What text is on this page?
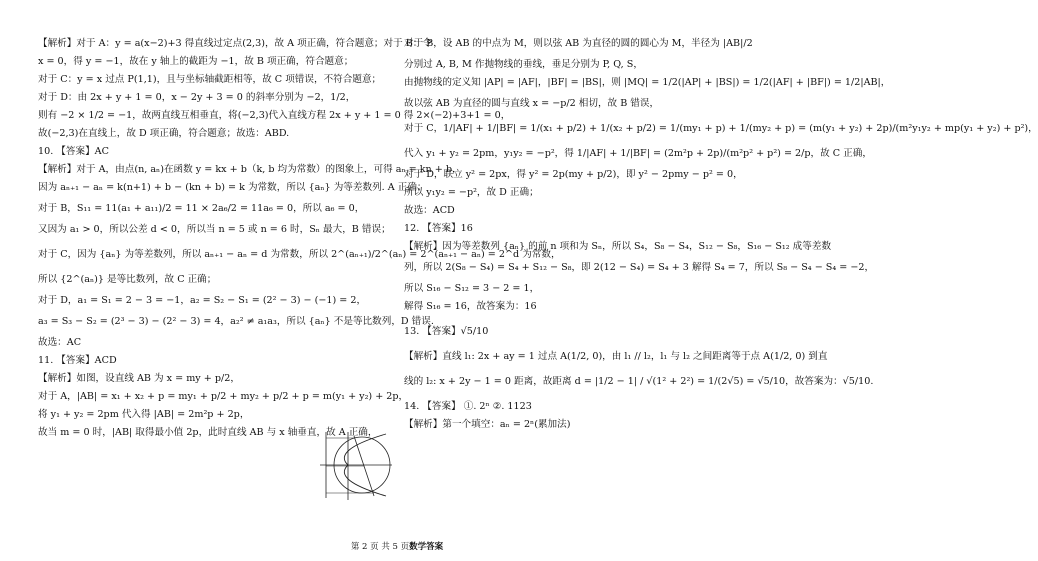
【解析】对于 A：y = a(x−2)+3 得直线过定点(2,3)，故 A 项正确，符合题意；对于 B：令

x = 0，得 y = −1，故在 y 轴上的截距为 −1，故 B 项正确，符合题意；

对于 C：y = x 过点 P(1,1)，且与坐标轴截距相等，故 C 项错误，不符合题意；

对于 D：由 2x + y + 1 = 0，x − 2y + 3 = 0 的斜率分别为 −2，1/2，

则有 −2 × 1/2 = −1，故两直线互相垂直，将(−2,3)代入直线方程 2x + y + 1 = 0 得 2×(−2)+3+1 = 0，

故(−2,3)在直线上，故 D 项正确，符合题意；故选：ABD.

10. 【答案】AC

【解析】对于 A，由点(n, aₙ)在函数 y = kx + b（k, b 均为常数）的图象上，可得 aₙ = kn + b，

因为 aₙ₊₁ − aₙ = k(n+1) + b − (kn + b) = k 为常数，所以 {aₙ} 为等差数列. A 正确；

对于 B，S₁₁ = 11(a₁ + a₁₁)/2 = 11 × 2a₆/2 = 11a₆ = 0，所以 a₆ = 0，

又因为 a₁ > 0，所以公差 d < 0，所以当 n = 5 或 n = 6 时，Sₙ 最大，B 错误；

对于 C，因为 {aₙ} 为等差数列，所以 aₙ₊₁ − aₙ = d 为常数，所以 2^(aₙ₊₁)/2^(aₙ) = 2^(aₙ₊₁ − aₙ) = 2^d 为常数，

所以 {2^(aₙ)} 是等比数列，故 C 正确；

对于 D，a₁ = S₁ = 2 − 3 = −1，a₂ = S₂ − S₁ = (2² − 3) − (−1) = 2，

a₃ = S₃ − S₂ = (2³ − 3) − (2² − 3) = 4，a₂² ≠ a₁a₃，所以 {aₙ} 不是等比数列，D 错误.

故选：AC

11. 【答案】ACD

【解析】如图，设直线 AB 为 x = my + p/2，

对于 A，|AB| = x₁ + x₂ + p = my₁ + p/2 + my₂ + p/2 + p = m(y₁ + y₂) + 2p，

将 y₁ + y₂ = 2pm 代入得 |AB| = 2m²p + 2p，

故当 m = 0 时，|AB| 取得最小值 2p，此时直线 AB 与 x 轴垂直，故 A 正确，

对于 B，设 AB 的中点为 M，则以弦 AB 为直径的圆的圆心为 M，半径为 |AB|/2

分别过 A, B, M 作抛物线的垂线，垂足分别为 P, Q, S，

由抛物线的定义知 |AP| = |AF|，|BF| = |BS|，则 |MQ| = 1/2(|AP| + |BS|) = 1/2(|AF| + |BF|) = 1/2|AB|，

故以弦 AB 为直径的圆与直线 x = −p/2 相切，故 B 错误，

对于 C，1/|AF| + 1/|BF| = 1/(x₁ + p/2) + 1/(x₂ + p/2) = 1/(my₁ + p) + 1/(my₂ + p) = (m(y₁ + y₂) + 2p)/(m²y₁y₂ + mp(y₁ + y₂) + p²)，

代入 y₁ + y₂ = 2pm，y₁y₂ = −p²，得 1/|AF| + 1/|BF| = (2m²p + 2p)/(m²p² + p²) = 2/p，故 C 正确，

对于 D，联立 y² = 2px，得 y² = 2p(my + p/2)，即 y² − 2pmy − p² = 0，

所以 y₁y₂ = −p²，故 D 正确；

故选：ACD

12. 【答案】16

【解析】因为等差数列 {aₙ} 的前 n 项和为 Sₙ，所以 S₄，S₈ − S₄，S₁₂ − S₈，S₁₆ − S₁₂ 成等差数

列，所以 2(S₈ − S₄) = S₄ + S₁₂ − S₈，即 2(12 − S₄) = S₄ + 3 解得 S₄ = 7，所以 S₈ − S₄ − S₄ = −2，

所以 S₁₆ − S₁₂ = 3 − 2 = 1，

解得 S₁₆ = 16，故答案为：16

13. 【答案】√5/10

【解析】直线 l₁: 2x + ay = 1 过点 A(1/2, 0)，由 l₁ // l₂，l₁ 与 l₂ 之间距离等于点 A(1/2, 0) 到直

线的 l₂: x + 2y − 1 = 0 距离，故距离 d = |1/2 − 1| / √(1² + 2²) = 1/(2√5) = √5/10，故答案为：√5/10.

14. 【答案】 ①. 2ⁿ ②. 1123

【解析】第一个填空：aₙ = 2ⁿ(累加法)

第 2 页 共 5 页数学答案
